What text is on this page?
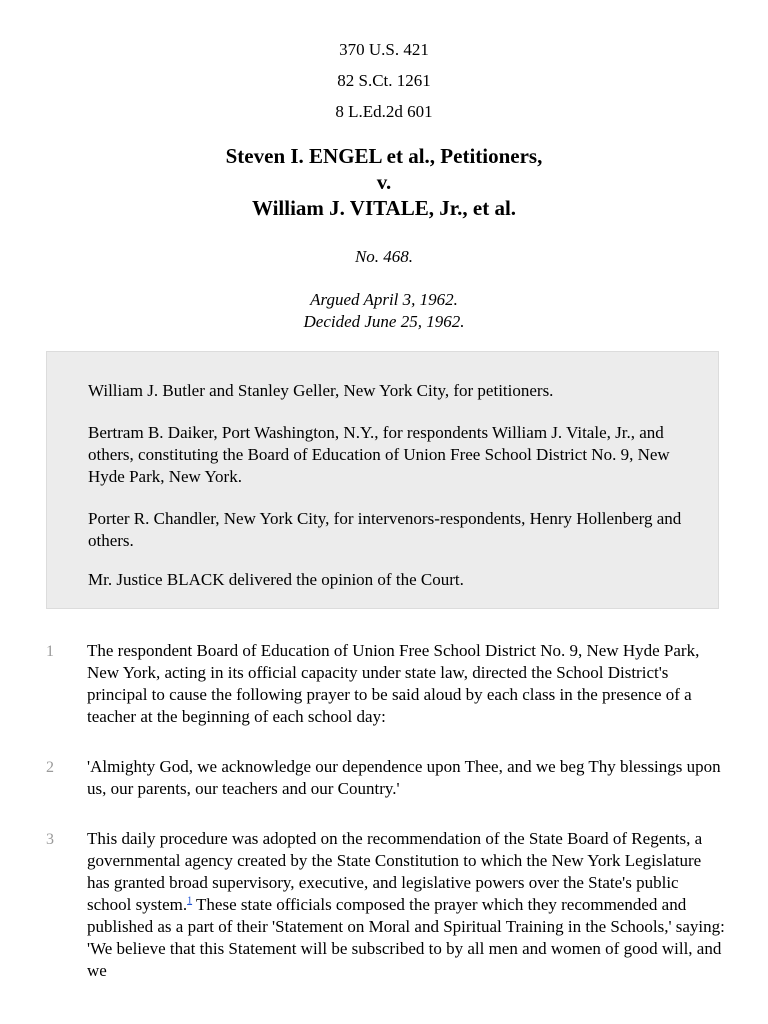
370 U.S. 421
82 S.Ct. 1261
8 L.Ed.2d 601
Steven I. ENGEL et al., Petitioners,
v.
William J. VITALE, Jr., et al.
No. 468.
Argued April 3, 1962.
Decided June 25, 1962.
William J. Butler and Stanley Geller, New York City, for petitioners.
Bertram B. Daiker, Port Washington, N.Y., for respondents William J. Vitale, Jr., and others, constituting the Board of Education of Union Free School District No. 9, New Hyde Park, New York.
Porter R. Chandler, New York City, for intervenors-respondents, Henry Hollenberg and others.
Mr. Justice BLACK delivered the opinion of the Court.
1 The respondent Board of Education of Union Free School District No. 9, New Hyde Park, New York, acting in its official capacity under state law, directed the School District's principal to cause the following prayer to be said aloud by each class in the presence of a teacher at the beginning of each school day:
2 'Almighty God, we acknowledge our dependence upon Thee, and we beg Thy blessings upon us, our parents, our teachers and our Country.'
3 This daily procedure was adopted on the recommendation of the State Board of Regents, a governmental agency created by the State Constitution to which the New York Legislature has granted broad supervisory, executive, and legislative powers over the State's public school system.$^1$ These state officials composed the prayer which they recommended and published as a part of their 'Statement on Moral and Spiritual Training in the Schools,' saying: 'We believe that this Statement will be subscribed to by all men and women of good will, and we
